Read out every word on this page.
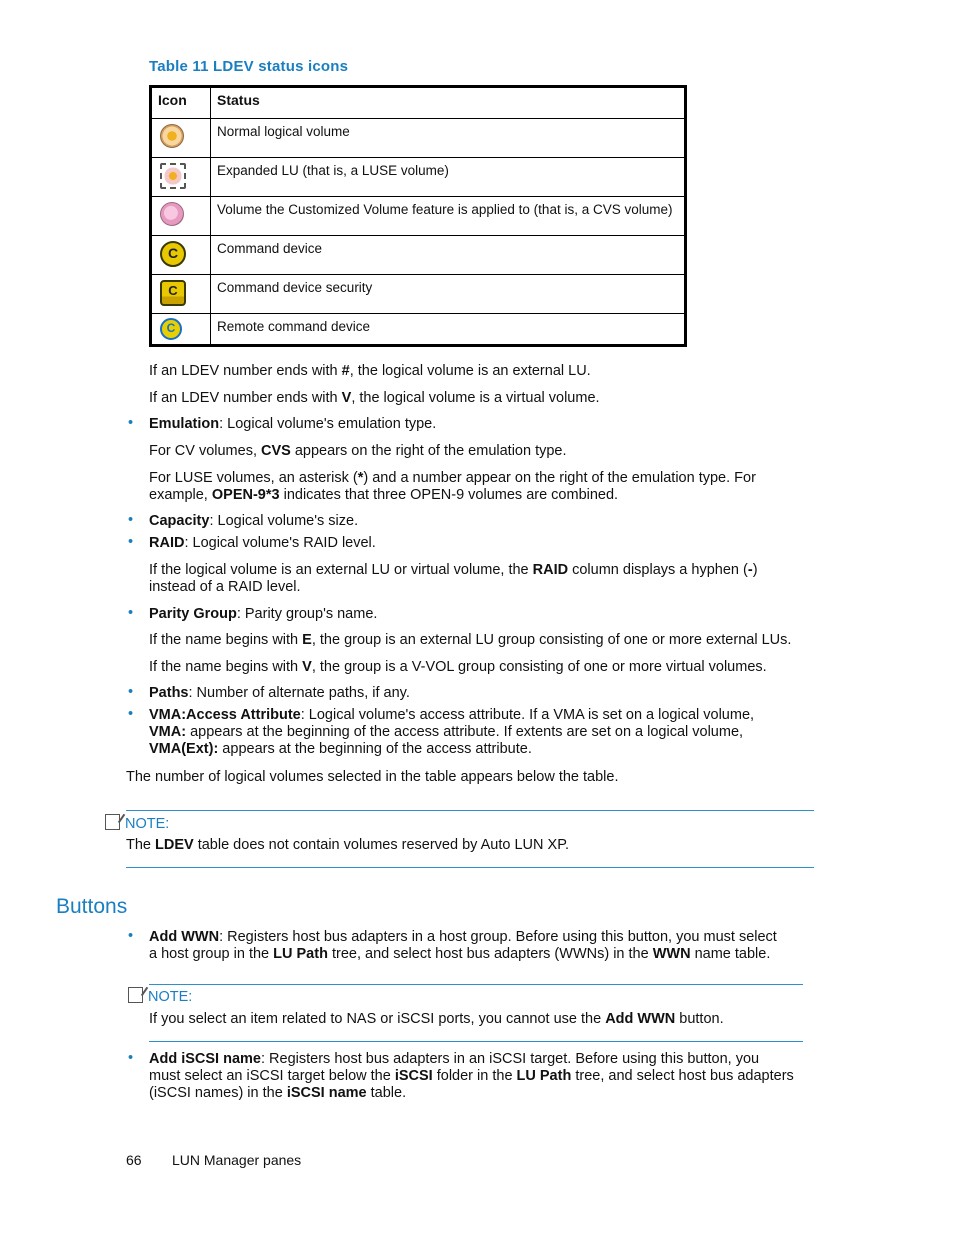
Table 11 LDEV status icons
Icon	Status

	Normal logical volume

	Expanded LU (that is, a LUSE volume)

	Volume the Customized Volume feature is applied to (that is, a CVS volume)

C	Command device

C	Command device security

C	Remote command device
If an LDEV number ends with #, the logical volume is an external LU.
If an LDEV number ends with V, the logical volume is a virtual volume.
• Emulation: Logical volume's emulation type.
For CV volumes, CVS appears on the right of the emulation type.
For LUSE volumes, an asterisk (*) and a number appear on the right of the emulation type. For
example, OPEN-9*3 indicates that three OPEN-9 volumes are combined.
• Capacity: Logical volume's size.
• RAID: Logical volume's RAID level.
If the logical volume is an external LU or virtual volume, the RAID column displays a hyphen (-)
instead of a RAID level.
• Parity Group: Parity group's name.
If the name begins with E, the group is an external LU group consisting of one or more external LUs.
If the name begins with V, the group is a V-VOL group consisting of one or more virtual volumes.
• Paths: Number of alternate paths, if any.
• VMA:Access Attribute: Logical volume's access attribute. If a VMA is set on a logical volume,
VMA: appears at the beginning of the access attribute. If extents are set on a logical volume,
VMA(Ext): appears at the beginning of the access attribute.
The number of logical volumes selected in the table appears below the table.
NOTE:
The LDEV table does not contain volumes reserved by Auto LUN XP.
Buttons
• Add WWN: Registers host bus adapters in a host group. Before using this button, you must select
a host group in the LU Path tree, and select host bus adapters (WWNs) in the WWN name table.
NOTE:
If you select an item related to NAS or iSCSI ports, you cannot use the Add WWN button.
• Add iSCSI name: Registers host bus adapters in an iSCSI target. Before using this button, you
must select an iSCSI target below the iSCSI folder in the LU Path tree, and select host bus adapters
(iSCSI names) in the iSCSI name table.
66 LUN Manager panes
